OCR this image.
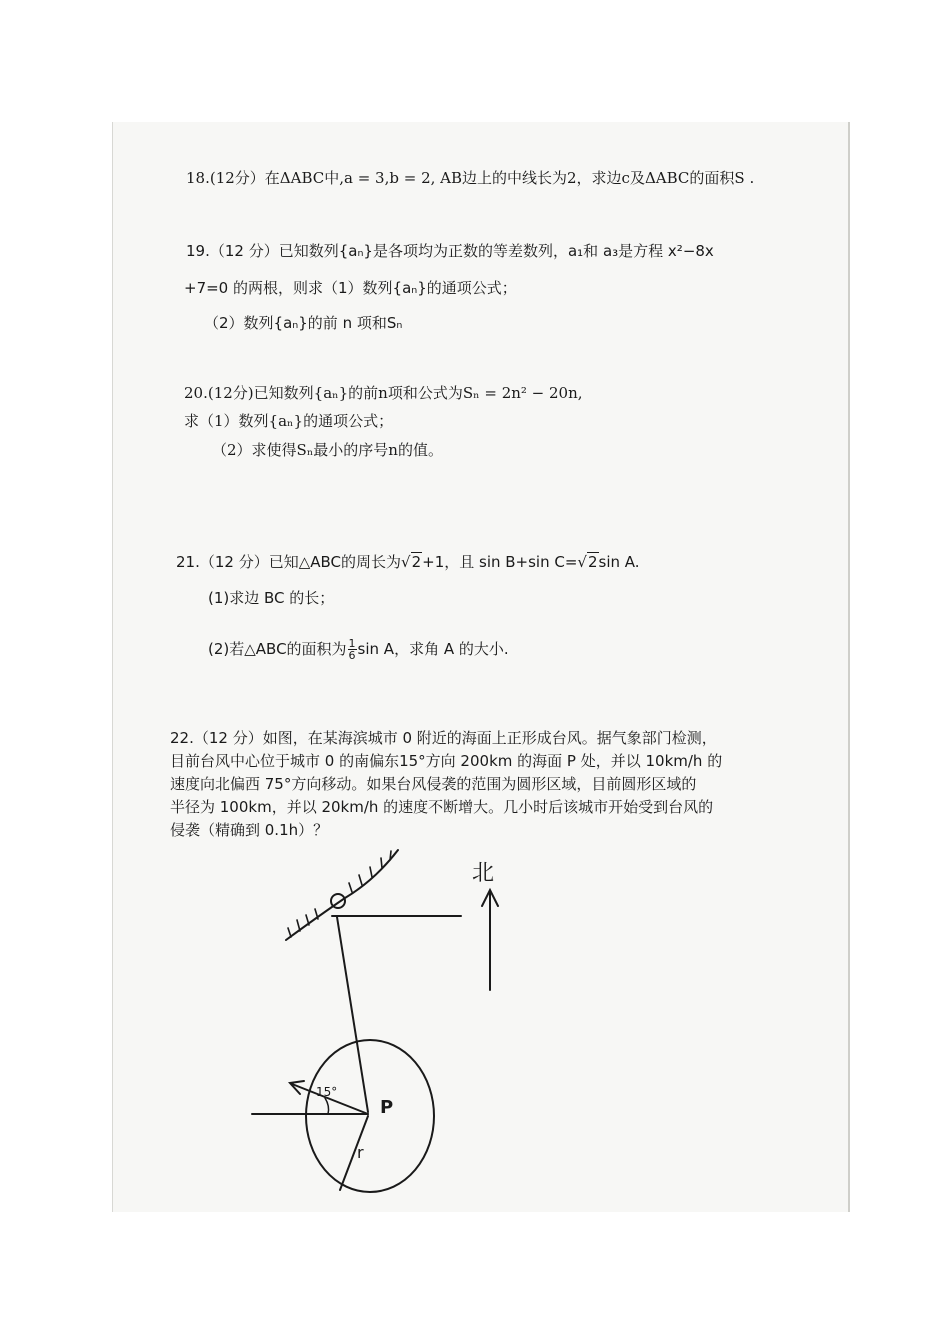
18.(12分）在ΔABC中,a = 3,b = 2, AB边上的中线长为2，求边c及ΔABC的面积S .
19.（12 分）已知数列{aₙ}是各项均为正数的等差数列，a₁和 a₃是方程 x²−8x
+7=0 的两根，则求（1）数列{aₙ}的通项公式；
（2）数列{aₙ}的前 n 项和Sₙ
20.(12分)已知数列{aₙ}的前n项和公式为Sₙ = 2n² − 20n,
求（1）数列{aₙ}的通项公式；
（2）求使得Sₙ最小的序号n的值。
21.（12 分）已知△ABC的周长为√2+1，且 sin B+sin C=√2sin A.
(1)求边 BC 的长；
(2)若△ABC的面积为 $\frac{1}{6}$ sin A，求角 A 的大小.
22.（12 分）如图，在某海滨城市 0 附近的海面上正形成台风。据气象部门检测，
目前台风中心位于城市 0 的南偏东15°方向 200km 的海面 P 处，并以 10km/h 的
速度向北偏西 75°方向移动。如果台风侵袭的范围为圆形区域，目前圆形区域的
半径为 100km，并以 20km/h 的速度不断增大。几小时后该城市开始受到台风的
侵袭（精确到 0.1h）？
北
P
r
15°
